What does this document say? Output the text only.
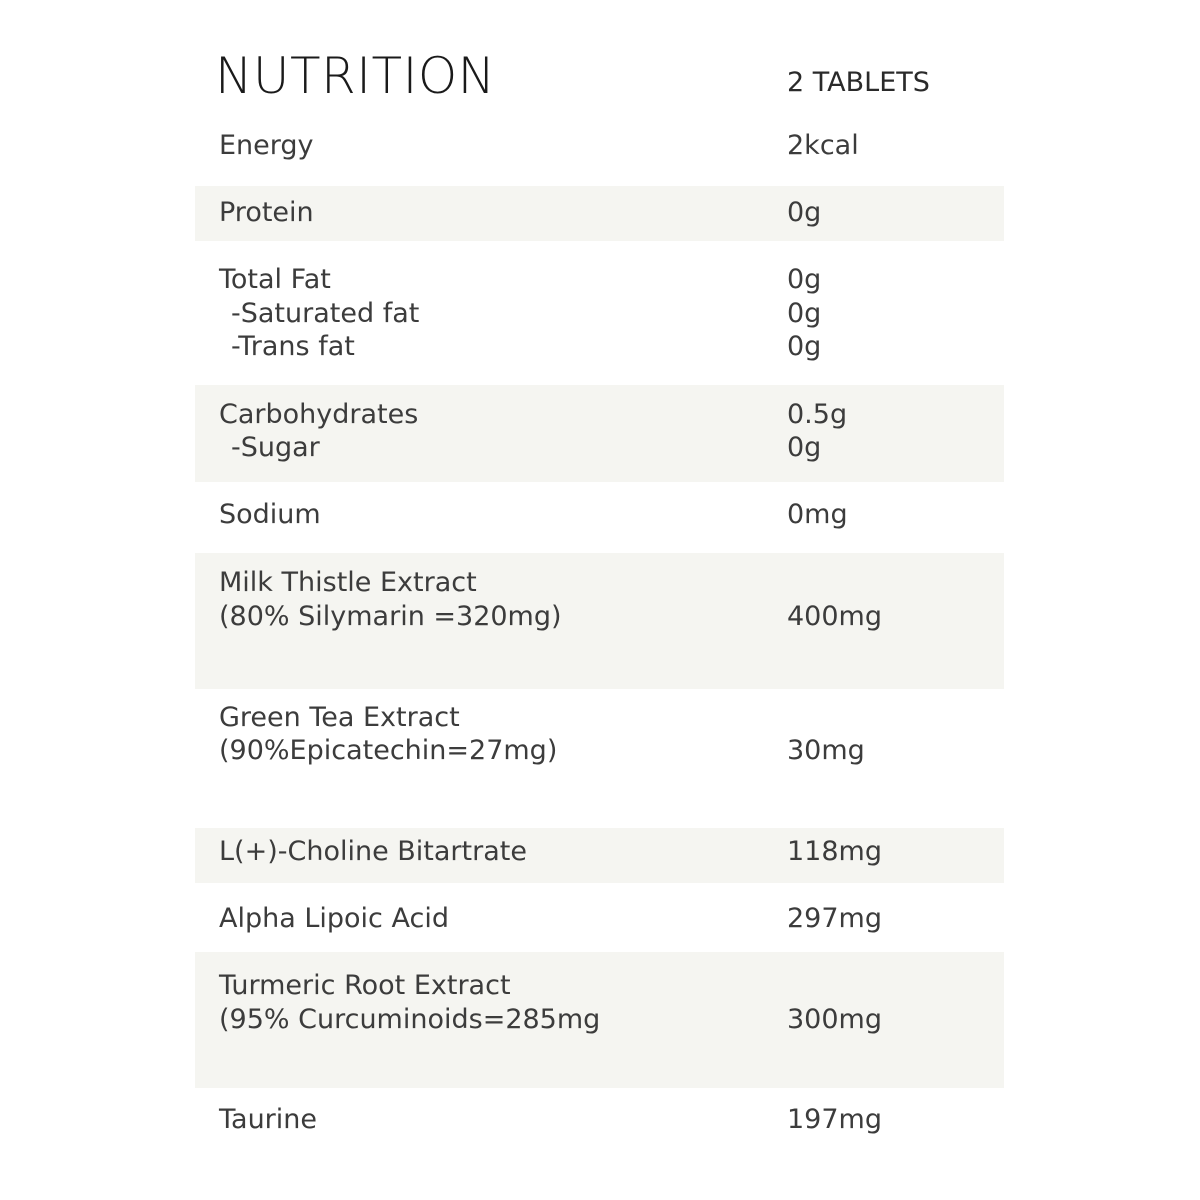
NUTRITION	2 TABLETS
Energy	2kcal
Protein	0g
Total Fat	0g
-Saturated fat	0g
-Trans fat	0g
Carbohydrates	0.5g
-Sugar	0g
Sodium	0mg
Milk Thistle Extract
(80% Silymarin =320mg)	400mg
Green Tea Extract
(90%Epicatechin=27mg)	30mg
L(+)-Choline Bitartrate	118mg
Alpha Lipoic Acid	297mg
Turmeric Root Extract
(95% Curcuminoids=285mg	300mg
Taurine	197mg
